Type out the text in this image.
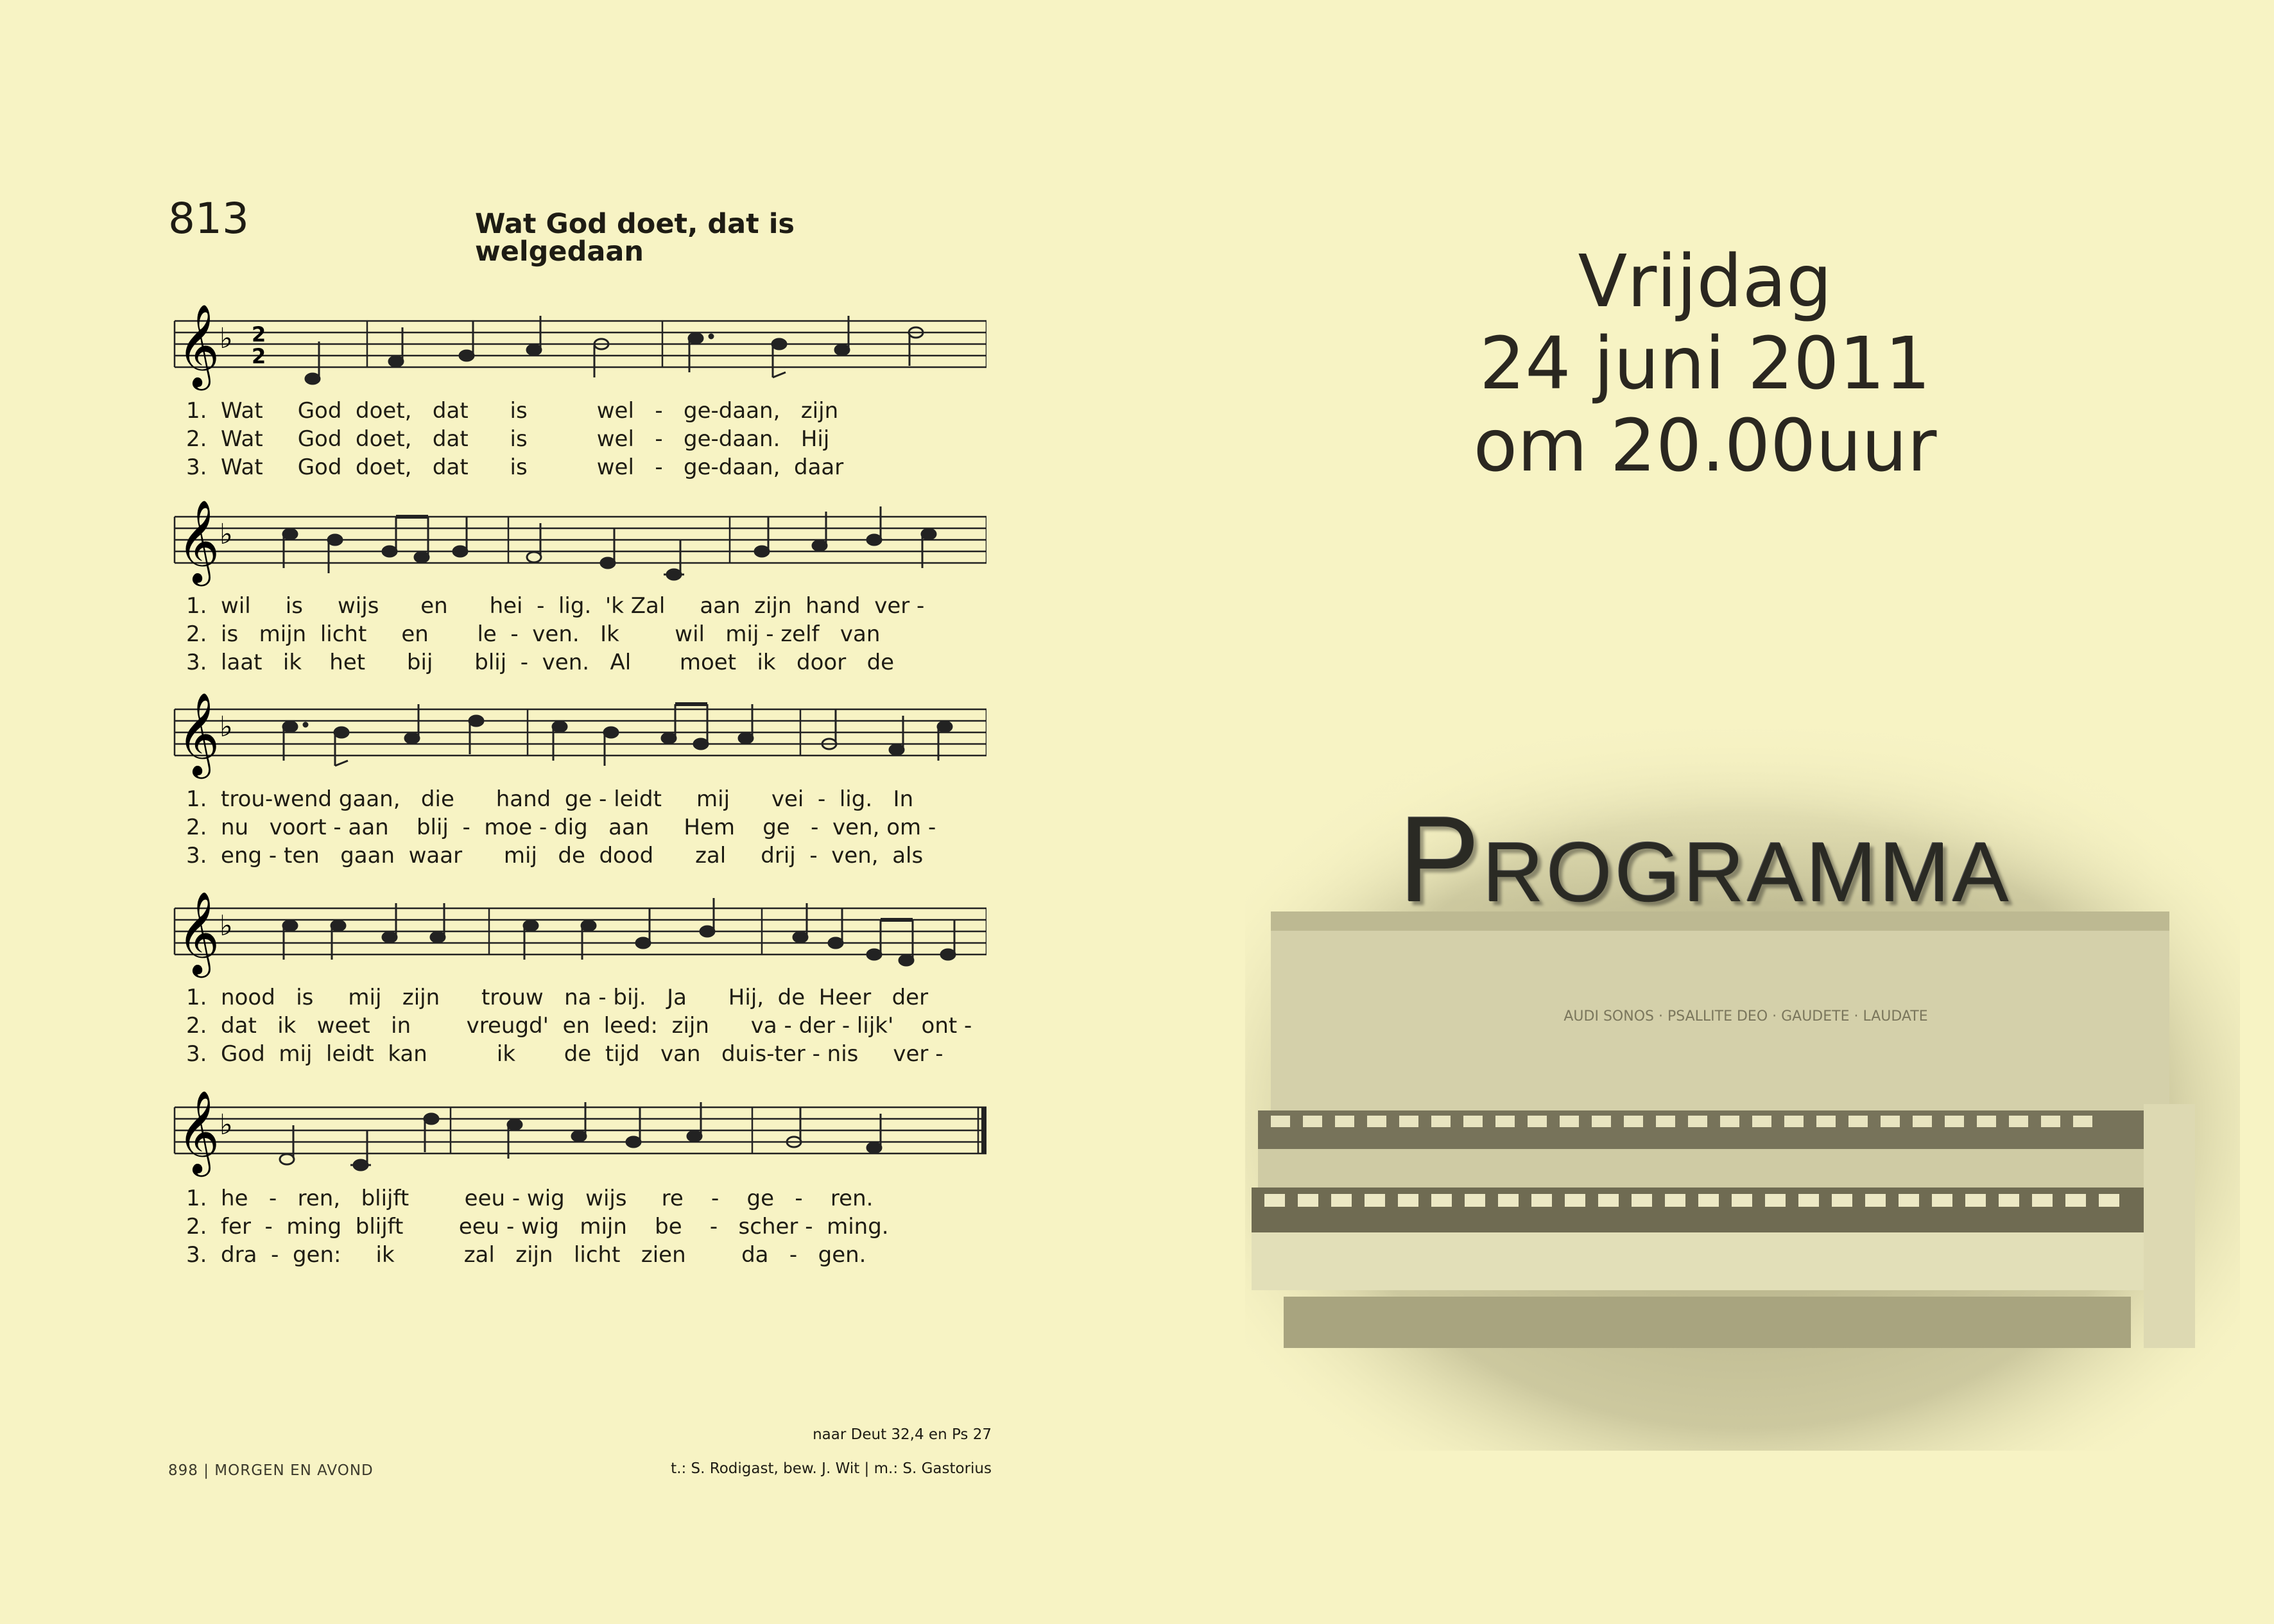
813	Wat God doet, dat is welgedaan
𝄞 ♭ 2
2
1.  Wat     God  doet,   dat      is          wel   -   ge-daan,   zijn
2.  Wat     God  doet,   dat      is          wel   -   ge-daan.   Hij
3.  Wat     God  doet,   dat      is          wel   -   ge-daan,  daar
𝄞 ♭
1.  wil     is     wijs      en      hei  -  lig.  'k Zal     aan  zijn  hand  ver -
2.  is   mijn  licht     en       le  -  ven.   Ik        wil   mij - zelf   van
3.  laat   ik    het      bij      blij  -  ven.   Al       moet   ik   door   de
𝄞 ♭
1.  trou-wend gaan,   die      hand  ge - leidt     mij      vei  -  lig.   In
2.  nu   voort - aan    blij  -  moe - dig   aan     Hem    ge   -  ven, om -
3.  eng - ten   gaan  waar      mij   de  dood      zal     drij  -  ven,  als
𝄞 ♭
1.  nood   is     mij   zijn      trouw   na - bij.   Ja      Hij,  de  Heer   der
2.  dat   ik   weet   in        vreugd'  en  leed:  zijn      va - der - lijk'    ont -
3.  God  mij  leidt  kan          ik       de  tijd   van   duis-ter - nis     ver -
𝄞 ♭
1.  he   -   ren,   blijft        eeu - wig   wijs     re    -    ge   -    ren.
2.  fer  -  ming  blijft        eeu - wig   mijn    be    -   scher -  ming.
3.  dra  -  gen:     ik          zal   zijn   licht   zien        da   -   gen.
naar Deut 32,4 en Ps 27
898 | MORGEN EN AVOND	t.: S. Rodigast, bew. J. Wit | m.: S. Gastorius
Vrijdag
24 juni 2011
om 20.00uur
AUDI SONOS · PSALLITE DEO · GAUDETE · LAUDATE
PROGRAMMA
